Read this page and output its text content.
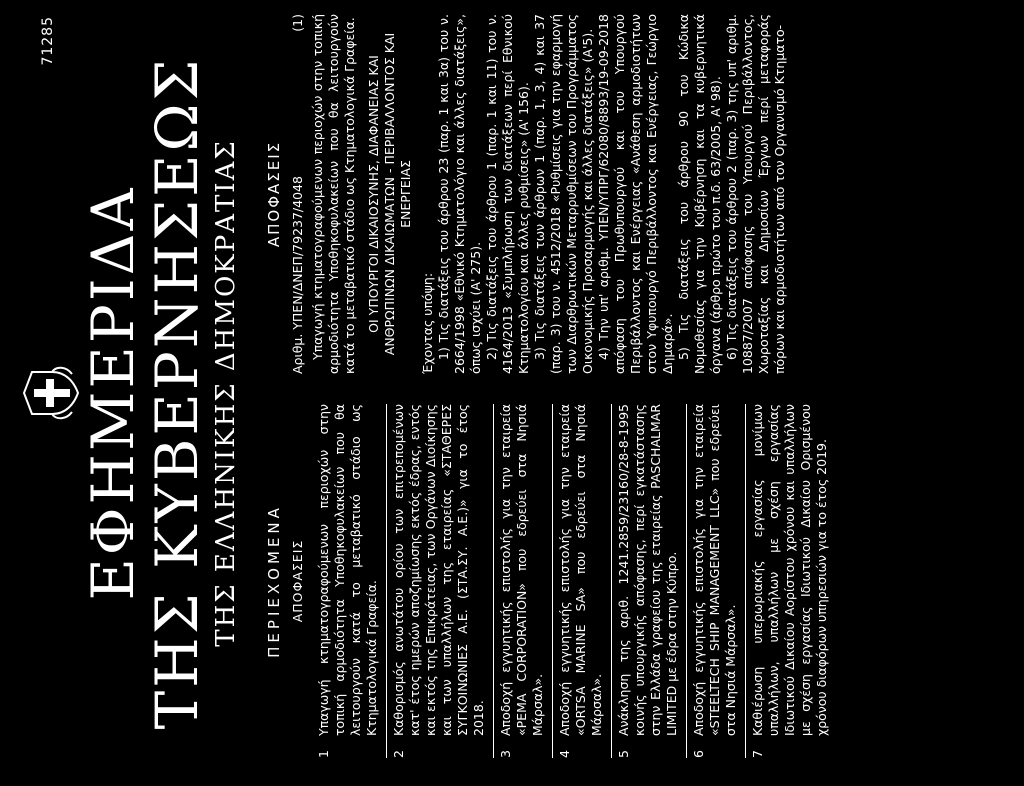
71285
ΕΦΗΜΕΡΙΔΑ
ΤΗΣ ΚΥΒΕΡΝΗΣΕΩΣ ΤΗΣ ΕΛΛΗΝΙΚΗΣ ΔΗΜΟΚΡΑΤΙΑΣ ΠΕΡΙΕΧΟΜΕΝΑ ΑΠΟΦΑΣΕΙΣ
1
Υπαγωγή κτηματογραφούμενων περιοχών στην τοπική αρμοδιότητα Υποθηκοφυλακείων που θα λειτουργούν κατά το μεταβατικό στάδιο ως Κτηματολογικά Γραφεία.
2
Καθορισμός ανωτάτου ορίου των επιτρεπομένων κατ' έτος ημερών αποζημίωσης εκτός έδρας, εντός και εκτός της Επικράτειας, των Οργάνων Διοίκησης και των υπαλλήλων της εταιρείας «ΣΤΑΘΕΡΕΣ ΣΥΓΚΟΙΝΩΝΙΕΣ Α.Ε. (ΣΤΑ.ΣΥ. Α.Ε.)» για το έτος 2018.
3
Αποδοχή εγγυητικής επιστολής για την εταιρεία «PEMA CORPORATION» που εδρεύει στα Νησιά Μάρσαλ».
4
Αποδοχή εγγυητικής επιστολής για την εταιρεία «ORTSA MARINE SA» που εδρεύει στα Νησιά Μάρσαλ».
5
Ανάκληση της αριθ. 1241.2859/23160/28-8-1995 κοινής υπουργικής απόφασης, περί εγκατάστασης στην Ελλάδα γραφείου της εταιρείας PASCHALMAR LIMITED με έδρα στην Κύπρο.
6
Αποδοχή εγγυητικής επιστολής για την εταιρεία «STEELTECH SHIP MANAGEMENT LLC» που εδρεύει στα Νησιά Μάρσαλ».
7
Καθιέρωση υπερωριακής εργασίας μονίμων υπαλλήλων, υπαλλήλων με σχέση εργασίας Ιδιωτικού Δικαίου Αορίστου χρόνου και υπαλλήλων με σχέση εργασίας Ιδιωτικού Δικαίου Ορισμένου χρόνου διαφόρων υπηρεσιών για το έτος 2019.
ΑΠΟΦΑΣΕΙΣ Αριθμ. ΥΠΕΝ/ΔΝΕΠ/79237/4048
(1) Υπαγωγή κτηματογραφούμενων περιοχών στην τοπική αρμοδιότητα Υποθηκοφυλακείων που θα λειτουργούν κατά το μεταβατικό στάδιο ως Κτηματολογικά Γραφεία. ΟΙ ΥΠΟΥΡΓΟΙ ΔΙΚΑΙΟΣΥΝΗΣ, ΔΙΑΦΑΝΕΙΑΣ ΚΑΙ ΑΝΘΡΩΠΙΝΩΝ ΔΙΚΑΙΩΜΑΤΩΝ - ΠΕΡΙΒΑΛΛΟΝΤΟΣ ΚΑΙ ΕΝΕΡΓΕΙΑΣ

Έχοντας υπόψη: 1) Τις διατάξεις του άρθρου 23 (παρ. 1 και 3α) του ν. 2664/1998 «Εθνικό Κτηματολόγιο και άλλες διατάξεις», όπως ισχύει (Α' 275). 2) Τις διατάξεις του άρθρου 1 (παρ. 1 και 11) του ν. 4164/2013 «Συμπλήρωση των διατάξεων περί Εθνικού Κτηματολογίου και άλλες ρυθμίσεις» (Α' 156). 3) Τις διατάξεις των άρθρων 1 (παρ. 1, 3, 4) και 37 (παρ. 3) του ν. 4512/2018 «Ρυθμίσεις για την εφαρμογή των Διαρθρωτικών Μεταρρυθμίσεων του Προγράμματος Οικονομικής Προσαρμογής και άλλες διατάξεις» (Α'5). 4) Την υπ' αριθμ. ΥΠΕΝ/ΥΠΡΓ/62080/8893/19-09-2018 απόφαση του Πρωθυπουργού και του Υπουργού Περιβάλλοντος και Ενέργειας «Ανάθεση αρμοδιοτήτων στον Υφυπουργό Περιβάλλοντος και Ενέργειας, Γεώργιο Δημαρά». 5) Τις διατάξεις του άρθρου 90 του Κώδικα Νομοθεσίας για την Κυβέρνηση και τα κυβερνητικά όργανα (άρθρο πρώτο του π.δ. 63/2005, Α' 98). 6) Τις διατάξεις του άρθρου 2 (παρ. 3) της υπ' αριθμ. 10887/2007 απόφασης του Υπουργού Περιβάλλοντος, Χωροταξίας και Δημοσίων Έργων περί μεταφοράς πόρων και αρμοδιοτήτων από τον Οργανισμό Κτηματο-
